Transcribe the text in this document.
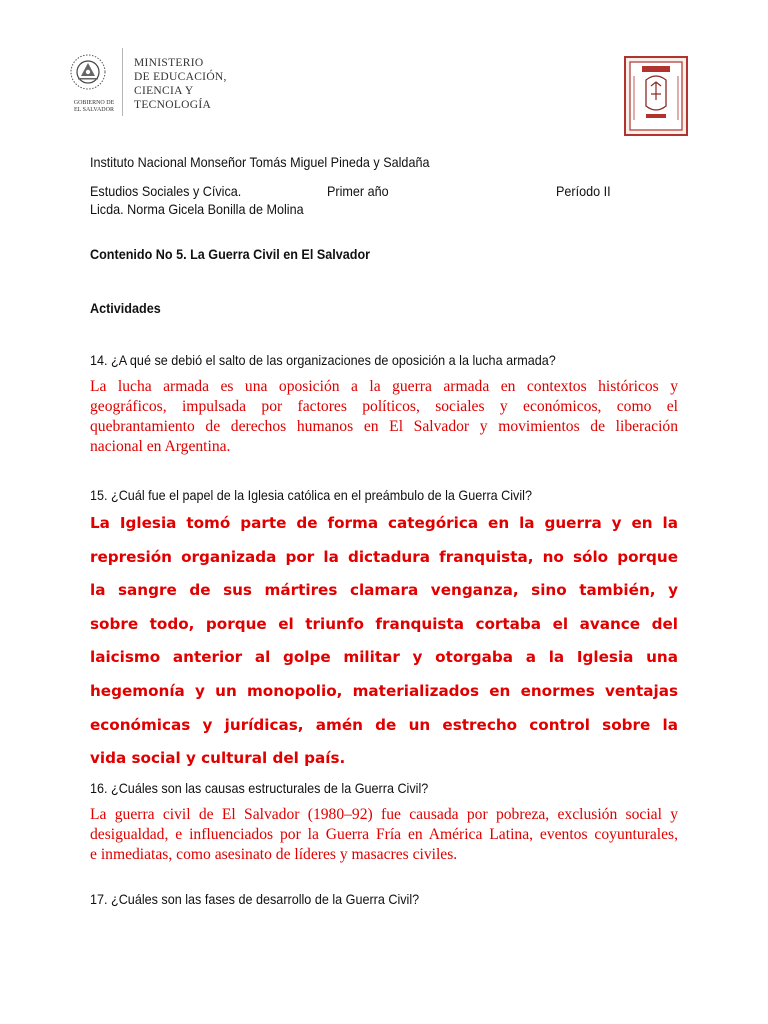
GOBIERNO DE
EL SALVADOR
MINISTERIO
DE EDUCACIÓN,
CIENCIA Y
TECNOLOGÍA
Instituto Nacional Monseñor Tomás Miguel Pineda y Saldaña
Estudios Sociales y Cívica.	Primer año	Período II
Licda. Norma Gicela Bonilla de Molina
Contenido No 5. La Guerra Civil en El Salvador
Actividades
14. ¿A qué se debió el salto de las organizaciones de oposición a la lucha armada?
La lucha armada es una oposición a la guerra armada en contextos históricos y
geográficos, impulsada por factores políticos, sociales y económicos, como el
quebrantamiento de derechos humanos en El Salvador y movimientos de liberación
nacional en Argentina.
15. ¿Cuál fue el papel de la Iglesia católica en el preámbulo de la Guerra Civil?
La Iglesia tomó parte de forma categórica en la guerra y en la
represión organizada por la dictadura franquista, no sólo porque
la sangre de sus mártires clamara venganza, sino también, y
sobre todo, porque el triunfo franquista cortaba el avance del
laicismo anterior al golpe militar y otorgaba a la Iglesia una
hegemonía y un monopolio, materializados en enormes ventajas
económicas y jurídicas, amén de un estrecho control sobre la
vida social y cultural del país.
16. ¿Cuáles son las causas estructurales de la Guerra Civil?
La guerra civil de El Salvador (1980–92) fue causada por pobreza, exclusión social y
desigualdad, e influenciados por la Guerra Fría en América Latina, eventos coyunturales,
e inmediatas, como asesinato de líderes y masacres civiles.
17. ¿Cuáles son las fases de desarrollo de la Guerra Civil?
